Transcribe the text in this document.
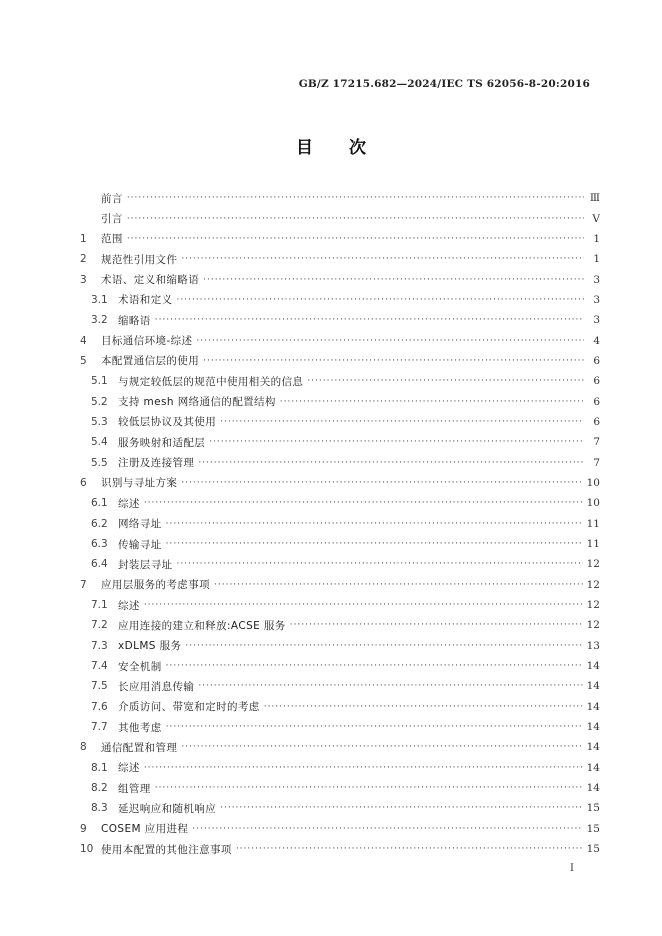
GB/Z 17215.682—2024/IEC TS 62056-8-20:2016
目 次
前言 ·····	Ⅲ
引言 ·····	Ⅴ
1	范围 ·····	1
2	规范性引用文件 ·····	1
3	术语、定义和缩略语 ·····	3
3.1 术语和定义 ·····	3
3.2 缩略语 ·····	3
4	目标通信环境-综述 ·····	4
5	本配置通信层的使用 ·····	6
5.1 与规定较低层的规范中使用相关的信息 ·····	6
5.2 支持 mesh 网络通信的配置结构 ·····	6
5.3 较低层协议及其使用 ·····	6
5.4 服务映射和适配层 ·····	7
5.5 注册及连接管理 ·····	7
6	识别与寻址方案 ·····	10
6.1 综述 ·····	10
6.2 网络寻址 ·····	11
6.3 传输寻址 ·····	11
6.4 封装层寻址 ·····	12
7	应用层服务的考虑事项 ·····	12
7.1 综述 ·····	12
7.2 应用连接的建立和释放:ACSE 服务 ·····	12
7.3 xDLMS 服务 ·····	13
7.4 安全机制 ·····	14
7.5 长应用消息传输 ·····	14
7.6 介质访问、带宽和定时的考虑 ·····	14
7.7 其他考虑 ·····	14
8	通信配置和管理 ·····	14
8.1 综述 ·····	14
8.2 组管理 ·····	14
8.3 延迟响应和随机响应 ·····	15
9	COSEM 应用进程 ·····	15
10 使用本配置的其他注意事项 ·····	15
I
